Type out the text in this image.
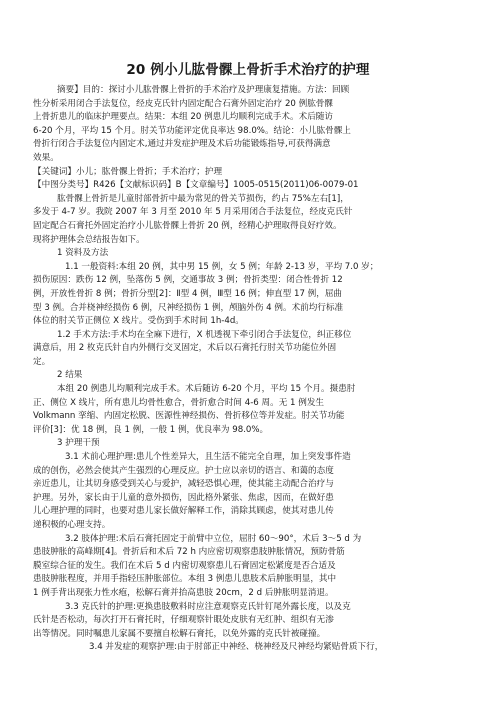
20 例小儿肱骨髁上骨折手术治疗的护理
摘要】目的：探讨小儿肱骨髁上骨折的手术治疗及护理康复措施。方法：回顾
性分析采用闭合手法复位，经皮克氏针内固定配合石膏外固定治疗 20 例肱骨髁
上骨折患儿的临床护理要点。结果：本组 20 例患儿均顺利完成手术。术后随访
6-20 个月，平均 15 个月。肘关节功能评定优良率达 98.0%。结论：小儿肱骨髁上
骨折行闭合手法复位内固定术,通过并发症护理及术后功能锻炼指导,可获得满意
效果。
【关键词】小儿；肱骨髁上骨折；手术治疗；护理
【中图分类号】R426【文献标识码】B【文章编号】1005-0515(2011)06-0079-01
肱骨髁上骨折是儿童肘部骨折中最为常见的骨关节损伤，约占 75%左右[1]，
多发于 4-7 岁。我院 2007 年 3 月至 2010 年 5 月采用闭合手法复位，经皮克氏针
固定配合石膏托外固定治疗小儿肱骨髁上骨折 20 例，经精心护理取得良好疗效。
现将护理体会总结报告如下。
1 资料及方法
1.1 一般资料:本组 20 例，其中男 15 例，女 5 例；年龄 2-13 岁，平均 7.0 岁；
损伤原因：跌伤 12 例，坠落伤 5 例，交通事故 3 例；骨折类型：闭合性骨折 12
例，开放性骨折 8 例；骨折分型[2]：Ⅱ型 4 例，Ⅲ型 16 例；伸直型 17 例，屈曲
型 3 例。合并桡神经损伤 6 例，尺神经损伤 1 例，颅脑外伤 4 例。术前均行标准
体位的肘关节正侧位 X 线片。受伤到手术时间 1h-4d。
1.2 手术方法:手术均在全麻下进行，X 机透视下牵引闭合手法复位，纠正移位
满意后，用 2 枚克氏针自内外侧行交叉固定，术后以石膏托行肘关节功能位外固
定。
2 结果
本组 20 例患儿均顺利完成手术。术后随访 6-20 个月，平均 15 个月。摄患肘
正、侧位 X 线片，所有患儿均骨性愈合，骨折愈合时间 4-6 周。无 1 例发生
Volkmann 挛缩、内固定松脱、医源性神经损伤、骨折移位等并发症。肘关节功能
评价[3]：优 18 例，良 1 例，一般 1 例，优良率为 98.0%。
3 护理干预
3.1 术前心理护理:患儿个性差异大，且生活不能完全自理，加上突发事件造
成的创伤，必然会使其产生强烈的心理反应。护士应以亲切的语言、和蔼的态度
亲近患儿，让其切身感受到关心与爱护，减轻恐惧心理，使其能主动配合治疗与
护理。另外，家长由于儿童的意外损伤，因此格外紧张、焦虑，因而，在做好患
儿心理护理的同时，也要对患儿家长做好解释工作，消除其顾虑，使其对患儿传
递积极的心理支持。
3.2 肢体护理:术后石膏托固定于前臂中立位，屈肘 60～90°，术后 3～5 d 为
患肢肿胀的高峰期[4]。骨折后和术后 72 h 内应密切观察患肢肿胀情况，预防骨筋
膜室综合征的发生。我们在术后 5 d 内密切观察患儿石膏固定松紧度是否合适及
患肢肿胀程度，并用手指轻压肿胀部位。本组 3 例患儿患肢术后肿胀明显，其中
1 例手背出现张力性水疱，松解石膏并抬高患肢 20cm，2 d 后肿胀明显消退。
3.3 克氏针的护理:更换患肢敷料时应注意观察克氏针钉尾外露长度，以及克
氏针是否松动，每次打开石膏托时，仔细观察针眼处皮肤有无红肿、组织有无渗
出等情况。同时嘱患儿家属不要擅自松解石膏托，以免外露的克氏针被碰撞。
3.4 并发症的观察护理:由于肘部正中神经、桡神经及尺神经均紧贴骨质下行，
